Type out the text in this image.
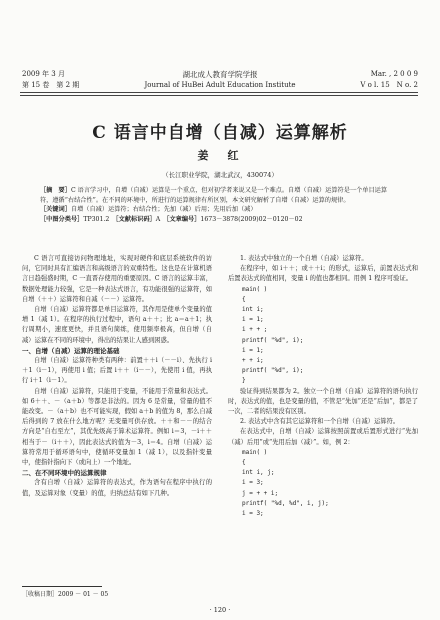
2009 年 3 月
第 15 卷　第 2 期
湖北成人教育学院学报
Journal of HuBei Adult Education Institute
Mar. , 2 0 0 9
V o l. 15　N o. 2
C 语言中自增（自减）运算解析
姜　红
（长江职业学院，湖北武汉，430074）

［摘　要］C 语言学习中，自增（自减）运算是一个重点，但对初学者来说又是一个难点。自增（自减）运算符是一个单目运算符，遵循“右结合性”。在不同的环境中，所进行的运算规律有所区别，本文研究解析了自增（自减）运算的规律。

［关键词］自增（自减）运算符；右结合性；先加（减）后用；先用后加（减）

［中图分类号］TP301.2　 ［文献标识码］A　 ［文章编号］1673－3878(2009)02－0120－02

C 语言可直接访问物理地址，实现对硬件和底层系统软件的访问，它同时具有汇编语言和高级语言的双重特性。这也是在计算机语言日趋强盛时期，C 一直晋存使用的重要原因。C 语言的运算丰富，数据处理能力较强，它是一种表达式语言，有功能很强的运算符，如自增（＋＋）运算符和自减（－－）运算符。

自增（自减）运算符都是单目运算符，其作用是使单个变量的值增 1（减 1）。在程序的执行过程中，语句 a＋＋；比 a＝a＋1；执行周期小，速度更快，并且语句简练，使用频率极高，但自增（自减）运算在不同的环境中，得出的结果让人感到困惑。

一、自增（自减）运算的理论基础

自增（自减）运算符种类有两种：前置＋＋i（－－i）、先执行 i＋1（i－1），再使用 i 值；后置 i＋＋（i－－），先使用 i 值，再执行 i＋1（i－1）。

自增（自减）运算符，只能用于变量，不能用于常量和表达式。如 6＋＋、－（a＋b）等都是非法的。因为 6 是常量，常量的值不能改变。－（a＋b）也不可能实现，假如 a＋b 的值为 8，那么自减后得到的 7 放在什么地方呢？无变量可供存放。＋＋和－－的结合方向是“自右至左”，其优先级高于算术运算符。例如 i＝3，－i＋＋相当于－（i＋＋），因此表达式的值为－3，i＝4。自增（自减）运算符常用于循环语句中，使循环变量加 1（减 1），以及指针变量中，使指针指向下（或向上）一个地址。

二、在不同环境中的运算规律

含有自增（自减）运算符的表达式，作为语句在程序中执行的值，及运算对象（变量）的值，归纳总结有如下几种。

［收稿日期］2009 － 01 － 05

1. 表达式中独立的一个自增（自减）运算符。

在程序中，如 i＋＋；或＋＋i；的形式，运算后，前置表达式和后置表达式的值相同，变量 i 的值也都相同。用例 1 程序可验证。

main( )
{
int i;
i = 1;
i + + ;
printf( "%d", i);
i = 1;
+ + i;
printf( "%d", i);
}

验证得到结果都为 2。独立一个自增（自减）运算符的语句执行时，表达式的值，也是变量的值，不管是“先加”还是“后加”，都是了一次，二者的结果没有区别。

2. 表达式中含有其它运算符和一个自增（自减）运算符。

在表达式中，自增（自减）运算按照前置或后置形式进行“先加（减）后用”或“先用后加（减）”。如，例 2：

main( )
{
int i, j;
i = 3;
j = + + i;
printf( "%d, %d", i, j);
i = 3;
· 120 ·
